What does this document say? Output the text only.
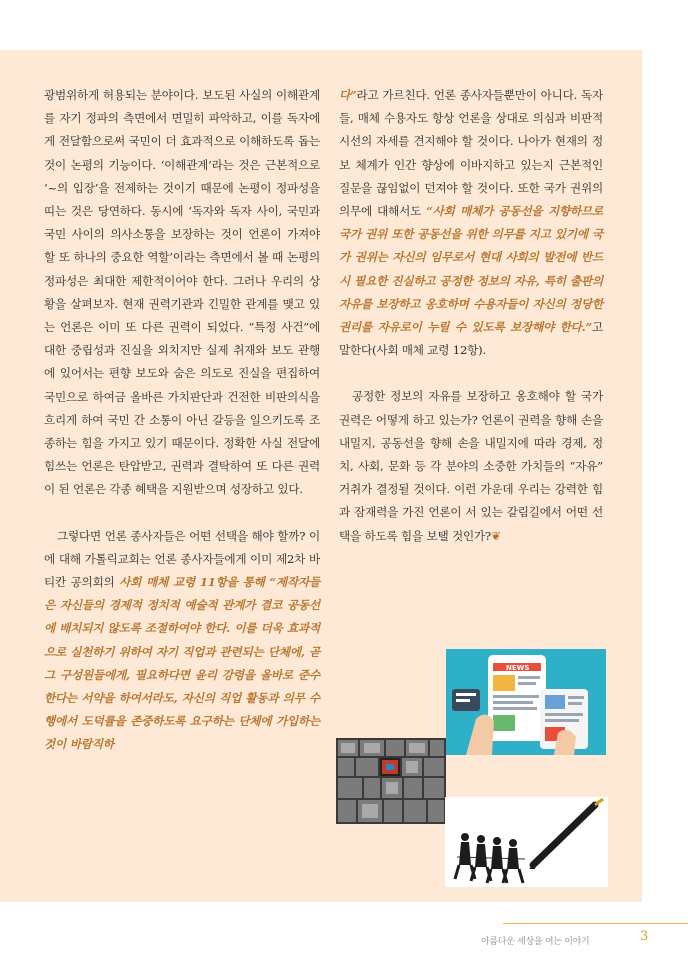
광범위하게 허용되는 분야이다. 보도된 사실의 이해관계를 자기 정파의 측면에서 면밀히 파악하고, 이를 독자에게 전달함으로써 국민이 더 효과적으로 이해하도록 돕는 것이 논평의 기능이다. ‘이해관계’라는 것은 근본적으로 ‘~의 입장’을 전제하는 것이기 때문에 논평이 정파성을 띠는 것은 당연하다. 동시에 ‘독자와 독자 사이, 국민과 국민 사이의 의사소통을 보장하는 것이 언론이 가져야 할 또 하나의 중요한 역할’이라는 측면에서 볼 때 논평의 정파성은 최대한 제한적이어야 한다. 그러나 우리의 상황을 살펴보자. 현재 권력기관과 긴밀한 관계를 맺고 있는 언론은 이미 또 다른 권력이 되었다. “특정 사건”에 대한 중립성과 진실을 외치지만 실제 취재와 보도 관행에 있어서는 편향 보도와 숨은 의도로 진실을 편집하여 국민으로 하여금 올바른 가치판단과 건전한 비판의식을 흐리게 하여 국민 간 소통이 아닌 갈등을 일으키도록 조종하는 힘을 가지고 있기 때문이다. 정확한 사실 전달에 힘쓰는 언론은 탄압받고, 권력과 결탁하여 또 다른 권력이 된 언론은 각종 혜택을 지원받으며 성장하고 있다.

그렇다면 언론 종사자들은 어떤 선택을 해야 할까? 이에 대해 가톨릭교회는 언론 종사자들에게 이미 제2차 바티칸 공의회의 사회 매체 교령 11항을 통해 “제작자들은 자신들의 경제적 정치적 예술적 관계가 결코 공동선에 배치되지 않도록 조절하여야 한다. 이를 더욱 효과적으로 실천하기 위하여 자기 직업과 관련되는 단체에, 곧 그 구성원들에게, 필요하다면 윤리 강령을 올바로 준수한다는 서약을 하여서라도, 자신의 직업 활동과 의무 수행에서 도덕률을 존중하도록 요구하는 단체에 가입하는 것이 바람직하

다”라고 가르친다. 언론 종사자들뿐만이 아니다. 독자들, 매체 수용자도 항상 언론을 상대로 의심과 비판적 시선의 자세를 견지해야 할 것이다. 나아가 현재의 정보 체계가 인간 향상에 이바지하고 있는지 근본적인 질문을 끊임없이 던져야 할 것이다. 또한 국가 권위의 의무에 대해서도 “사회 매체가 공동선을 지향하므로 국가 권위 또한 공동선을 위한 의무를 지고 있기에 국가 권위는 자신의 임무로서 현대 사회의 발전에 반드시 필요한 진실하고 공정한 정보의 자유, 특히 출판의 자유를 보장하고 옹호하며 수용자들이 자신의 정당한 권리를 자유로이 누릴 수 있도록 보장해야 한다.”고 말한다(사회 매체 교령 12항).

공정한 정보의 자유를 보장하고 옹호해야 할 국가 권력은 어떻게 하고 있는가? 언론이 권력을 향해 손을 내밀지, 공동선을 향해 손을 내밀지에 따라 경제, 정치, 사회, 문화 등 각 분야의 소중한 가치들의 “자유” 거취가 결정될 것이다. 이런 가운데 우리는 강력한 힘과 잠재력을 가진 언론이 서 있는 갈림길에서 어떤 선택을 하도록 힘을 보탤 것인가?❦

NEWS
아름다운 세상을 여는 이야기	3
